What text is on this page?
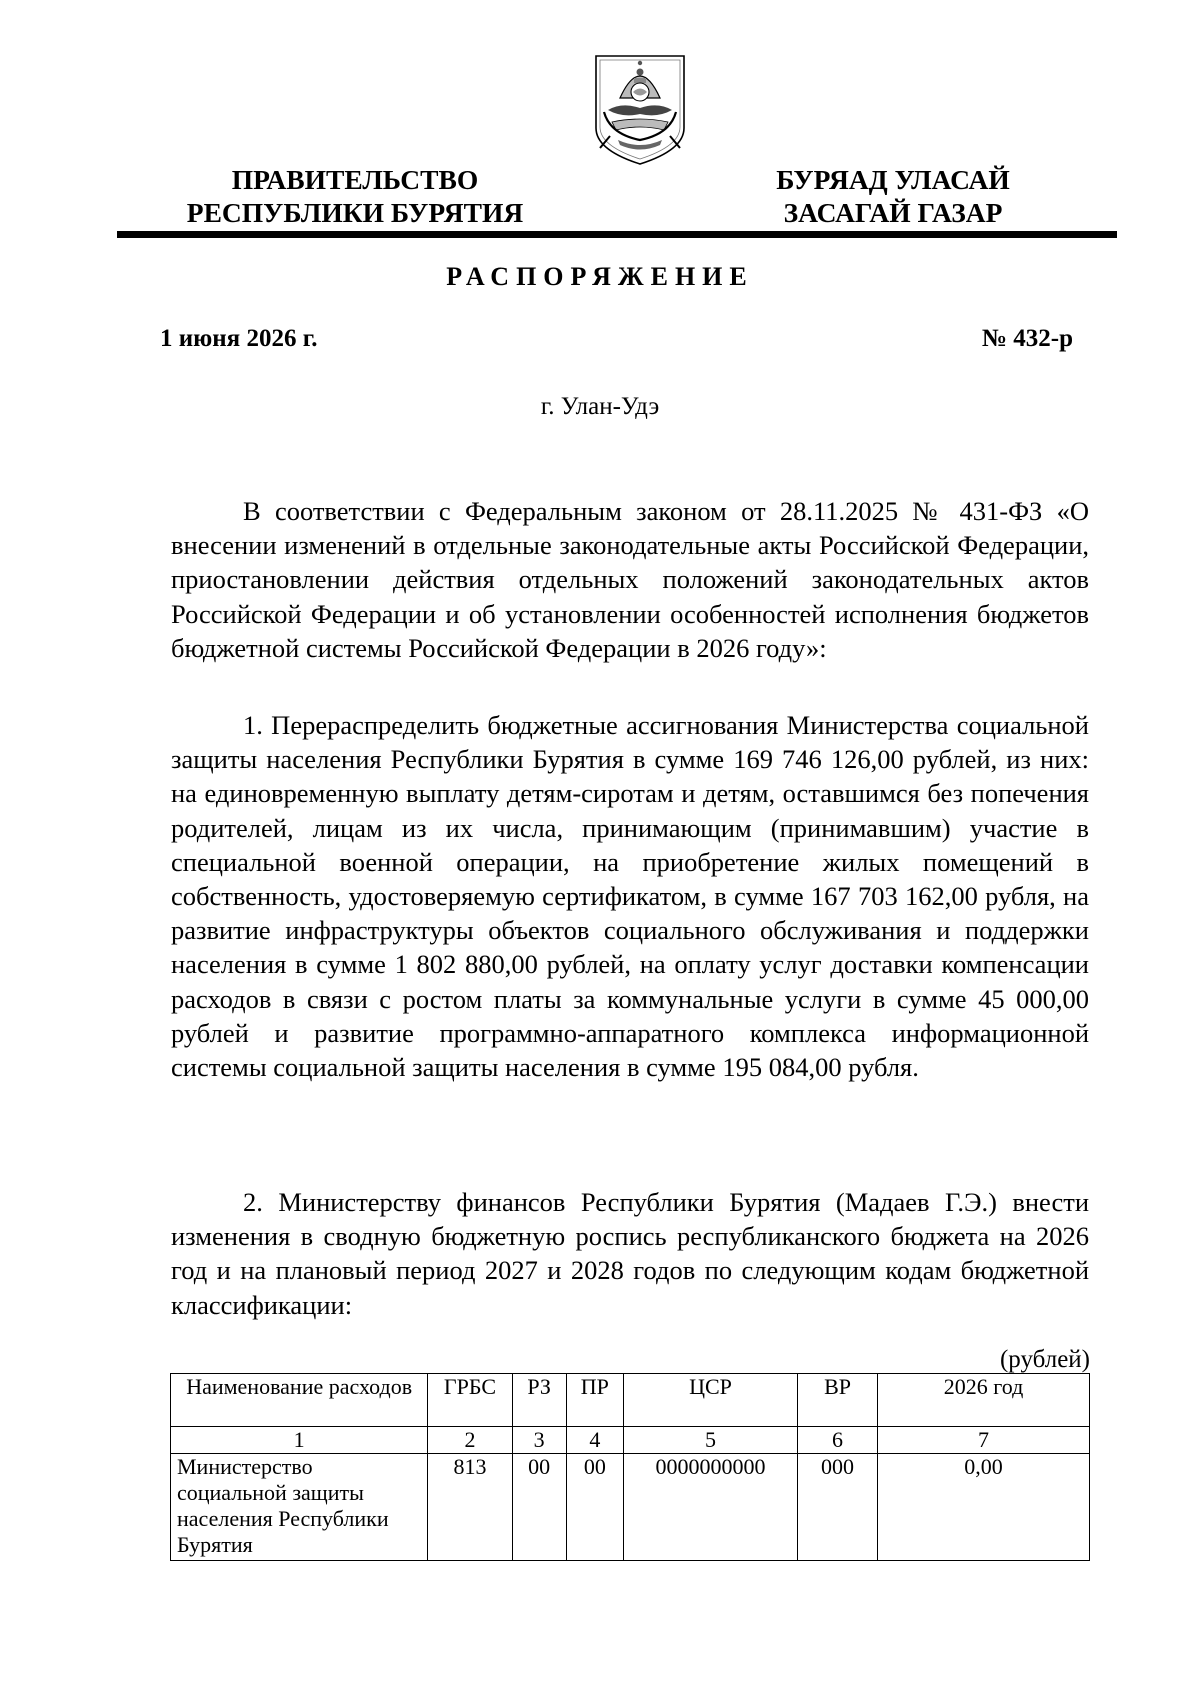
ПРАВИТЕЛЬСТВО
РЕСПУБЛИКИ БУРЯТИЯ
БУРЯАД УЛАСАЙ
ЗАСАГАЙ ГАЗАР
РАСПОРЯЖЕНИЕ
1 июня 2026 г.	№ 432-р
г. Улан-Удэ

В соответствии с Федеральным законом от 28.11.2025 № 431-ФЗ «О внесении изменений в отдельные законодательные акты Российской Федерации, приостановлении действия отдельных положений законодательных актов Российской Федерации и об установлении особенностей исполнения бюджетов бюджетной системы Российской Федерации в 2026 году»:

1. Перераспределить бюджетные ассигнования Министерства социальной защиты населения Республики Бурятия в сумме 169 746 126,00 рублей, из них: на единовременную выплату детям-сиротам и детям, оставшимся без попечения родителей, лицам из их числа, принимающим (принимавшим) участие в специальной военной операции, на приобретение жилых помещений в собственность, удостоверяемую сертификатом, в сумме 167 703 162,00 рубля, на развитие инфраструктуры объектов социального обслуживания и поддержки населения в сумме 1 802 880,00 рублей, на оплату услуг доставки компенсации расходов в связи с ростом платы за коммунальные услуги в сумме 45 000,00 рублей и развитие программно-аппаратного комплекса информационной системы социальной защиты населения в сумме 195 084,00 рубля.

2. Министерству финансов Республики Бурятия (Мадаев Г.Э.) внести изменения в сводную бюджетную роспись республиканского бюджета на 2026 год и на плановый период 2027 и 2028 годов по следующим кодам бюджетной классификации:

(рублей)
Наименование расходов	ГРБС	РЗ	ПР	ЦСР	ВР	2026 год
1	2	3	4	5	6	7
Министерство социальной защиты населения Республики Бурятия	813	00	00	0000000000	000	0,00
